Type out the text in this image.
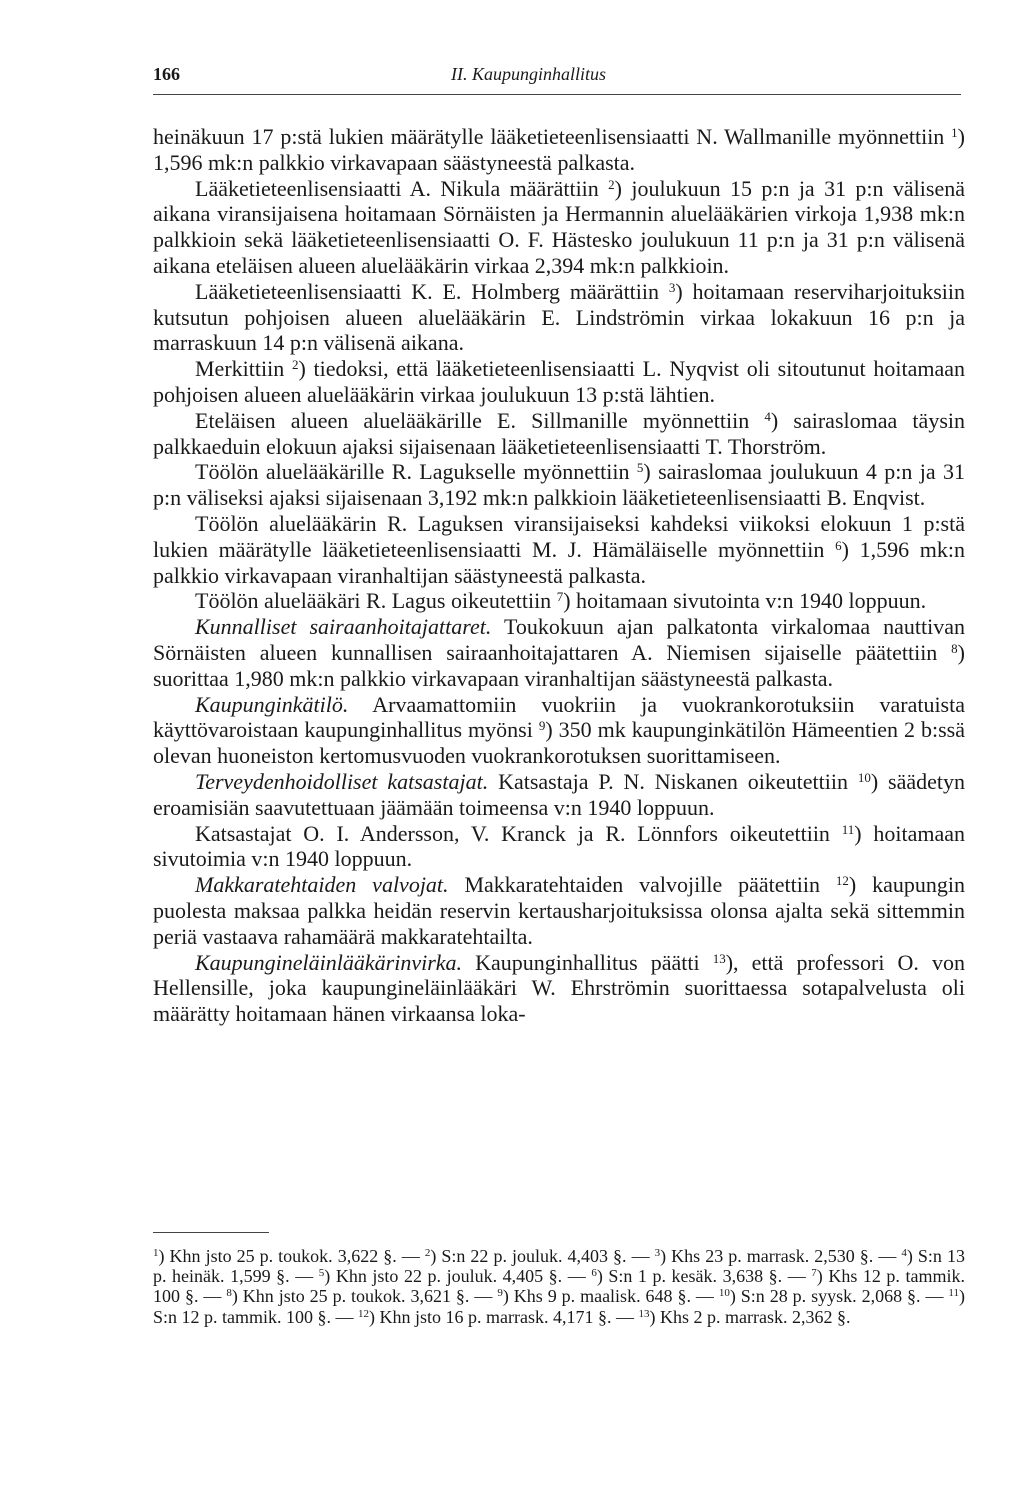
166	II. Kaupunginhallitus

heinäkuun 17 p:stä lukien määrätylle lääketieteenlisensiaatti N. Wallmanille myönnettiin $^1$) 1,596 mk:n palkkio virkavapaan säästyneestä palkasta.

Lääketieteenlisensiaatti A. Nikula määrättiin $^2$) joulukuun 15 p:n ja 31 p:n välisenä aikana viransijaisena hoitamaan Sörnäisten ja Hermannin aluelääkärien virkoja 1,938 mk:n palkkioin sekä lääketieteenlisensiaatti O. F. Hästesko joulukuun 11 p:n ja 31 p:n välisenä aikana eteläisen alueen aluelääkärin virkaa 2,394 mk:n palkkioin.

Lääketieteenlisensiaatti K. E. Holmberg määrättiin $^3$) hoitamaan reserviharjoituksiin kutsutun pohjoisen alueen aluelääkärin E. Lindströmin virkaa lokakuun 16 p:n ja marraskuun 14 p:n välisenä aikana.

Merkittiin $^2$) tiedoksi, että lääketieteenlisensiaatti L. Nyqvist oli sitoutunut hoitamaan pohjoisen alueen aluelääkärin virkaa joulukuun 13 p:stä lähtien.

Eteläisen alueen aluelääkärille E. Sillmanille myönnettiin $^4$) sairaslomaa täysin palkkaeduin elokuun ajaksi sijaisenaan lääketieteenlisensiaatti T. Thorström.

Töölön aluelääkärille R. Lagukselle myönnettiin $^5$) sairaslomaa joulukuun 4 p:n ja 31 p:n väliseksi ajaksi sijaisenaan 3,192 mk:n palkkioin lääketieteenlisensiaatti B. Enqvist.

Töölön aluelääkärin R. Laguksen viransijaiseksi kahdeksi viikoksi elokuun 1 p:stä lukien määrätylle lääketieteenlisensiaatti M. J. Hämäläiselle myönnettiin $^6$) 1,596 mk:n palkkio virkavapaan viranhaltijan säästyneestä palkasta.

Töölön aluelääkäri R. Lagus oikeutettiin $^7$) hoitamaan sivutointa v:n 1940 loppuun.

Kunnalliset sairaanhoitajattaret. Toukokuun ajan palkatonta virkalomaa nauttivan Sörnäisten alueen kunnallisen sairaanhoitajattaren A. Niemisen sijaiselle päätettiin $^8$) suorittaa 1,980 mk:n palkkio virkavapaan viranhaltijan säästyneestä palkasta.

Kaupunginkätilö. Arvaamattomiin vuokriin ja vuokrankorotuksiin varatuista käyttövaroistaan kaupunginhallitus myönsi $^9$) 350 mk kaupunginkätilön Hämeentien 2 b:ssä olevan huoneiston kertomusvuoden vuokrankorotuksen suorittamiseen.

Terveydenhoidolliset katsastajat. Katsastaja P. N. Niskanen oikeutettiin $^{10}$) säädetyn eroamisiän saavutettuaan jäämään toimeensa v:n 1940 loppuun.

Katsastajat O. I. Andersson, V. Kranck ja R. Lönnfors oikeutettiin $^{11}$) hoitamaan sivutoimia v:n 1940 loppuun.

Makkaratehtaiden valvojat. Makkaratehtaiden valvojille päätettiin $^{12}$) kaupungin puolesta maksaa palkka heidän reservin kertausharjoituksissa olonsa ajalta sekä sittemmin periä vastaava rahamäärä makkaratehtailta.

Kaupungineläinlääkärinvirka. Kaupunginhallitus päätti $^{13}$), että professori O. von Hellensille, joka kaupungineläinlääkäri W. Ehrströmin suorittaessa sotapalvelusta oli määrätty hoitamaan hänen virkaansa loka-

$^1$) Khn jsto 25 p. toukok. 3,622 §. — $^2$) S:n 22 p. jouluk. 4,403 §. — $^3$) Khs 23 p. marrask. 2,530 §. — $^4$) S:n 13 p. heinäk. 1,599 §. — $^5$) Khn jsto 22 p. jouluk. 4,405 §. — $^6$) S:n 1 p. kesäk. 3,638 §. — $^7$) Khs 12 p. tammik. 100 §. — $^8$) Khn jsto 25 p. toukok. 3,621 §. — $^9$) Khs 9 p. maalisk. 648 §. — $^{10}$) S:n 28 p. syysk. 2,068 §. — $^{11}$) S:n 12 p. tammik. 100 §. — $^{12}$) Khn jsto 16 p. marrask. 4,171 §. — $^{13}$) Khs 2 p. marrask. 2,362 §.
